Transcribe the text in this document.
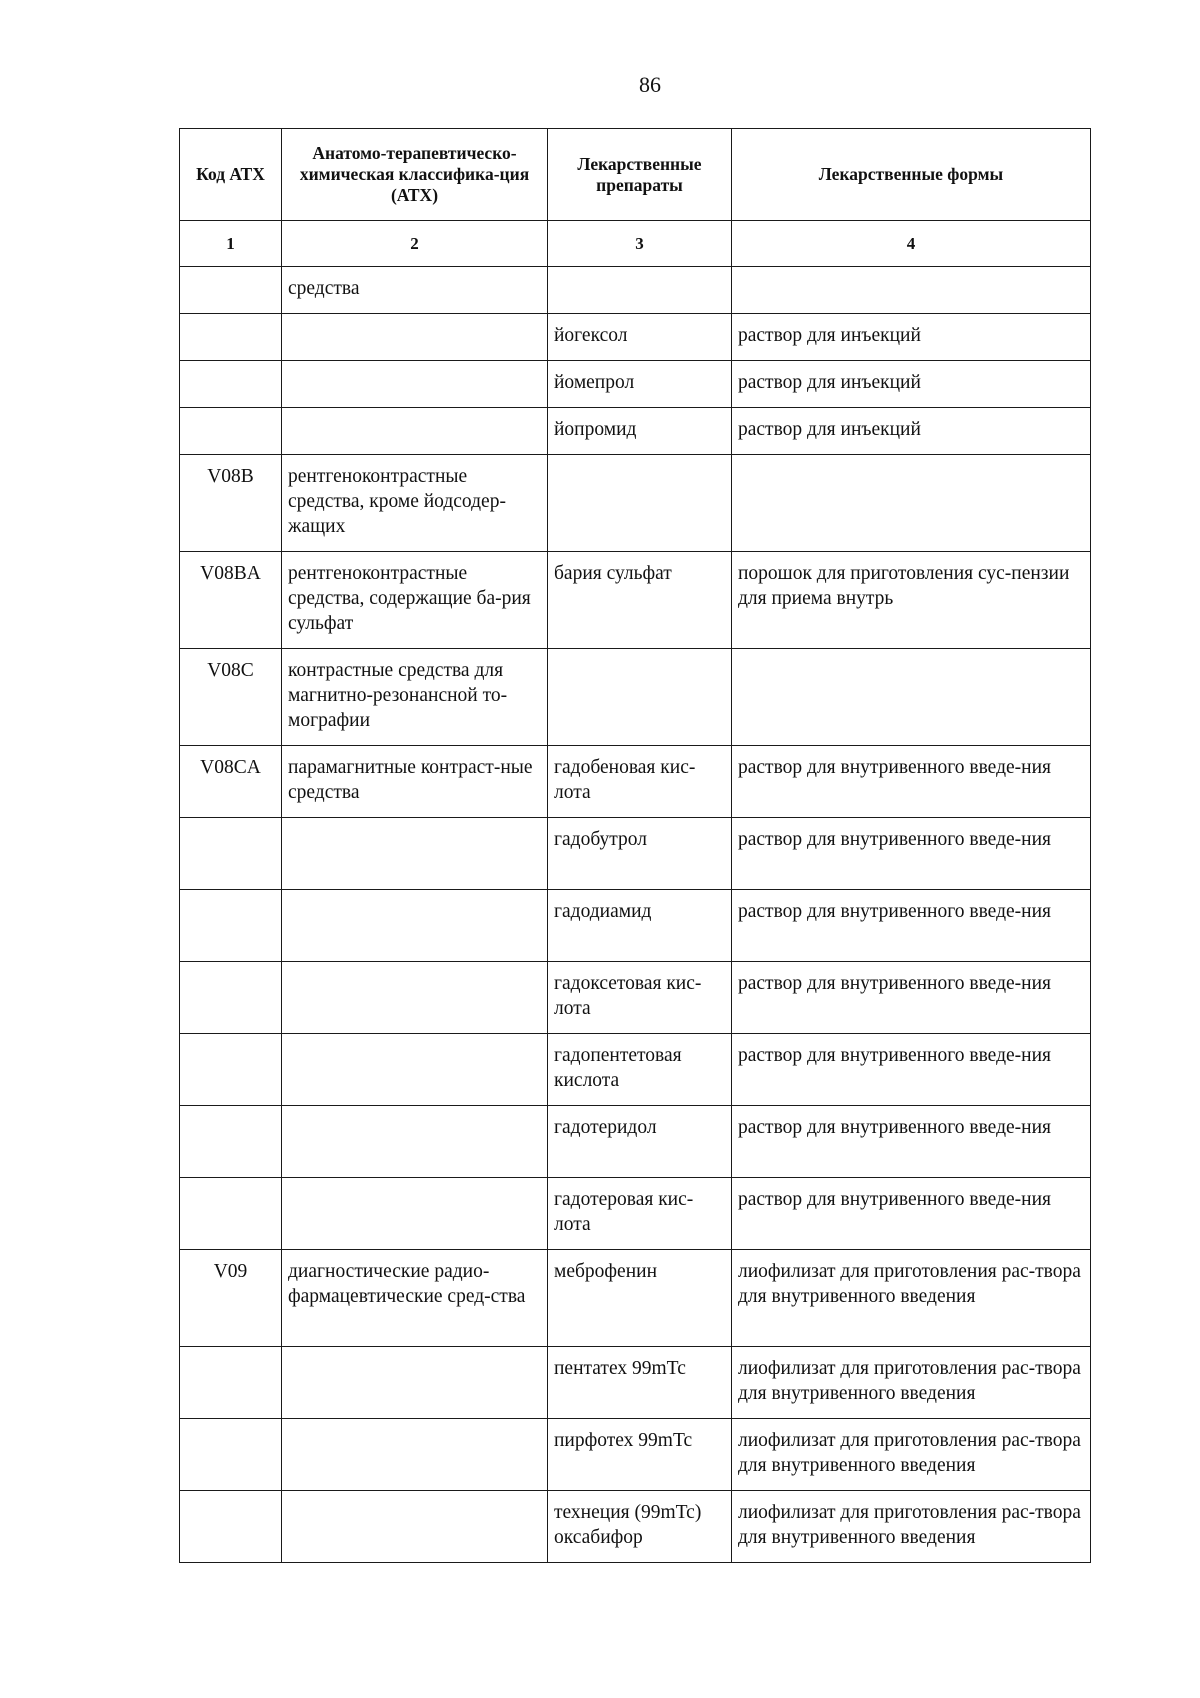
86
Код АТХ	Анатомо-терапевтическо-химическая классифика-ция (АТХ)	Лекарственные препараты	Лекарственные формы
1	2	3	4
	средства		
		йогексол	раствор для инъекций
		йомепрол	раствор для инъекций
		йопромид	раствор для инъекций
V08B	рентгеноконтрастные средства, кроме йодсодер-жащих		
V08BA	рентгеноконтрастные средства, содержащие ба-рия сульфат	бария сульфат	порошок для приготовления сус-пензии для приема внутрь
V08C	контрастные средства для магнитно-резонансной то-мографии		
V08CA	парамагнитные контраст-ные средства	гадобеновая кис-лота	раствор для внутривенного введе-ния
		гадобутрол	раствор для внутривенного введе-ния
		гадодиамид	раствор для внутривенного введе-ния
		гадоксетовая кис-лота	раствор для внутривенного введе-ния
		гадопентетовая кислота	раствор для внутривенного введе-ния
		гадотеридол	раствор для внутривенного введе-ния
		гадотеровая кис-лота	раствор для внутривенного введе-ния
V09	диагностические радио-фармацевтические сред-ства	меброфенин	лиофилизат для приготовления рас-твора для внутривенного введения
		пентатех 99mTc	лиофилизат для приготовления рас-твора для внутривенного введения
		пирфотех 99mTc	лиофилизат для приготовления рас-твора для внутривенного введения
		технеция (99mTc) оксабифор	лиофилизат для приготовления рас-твора для внутривенного введения
